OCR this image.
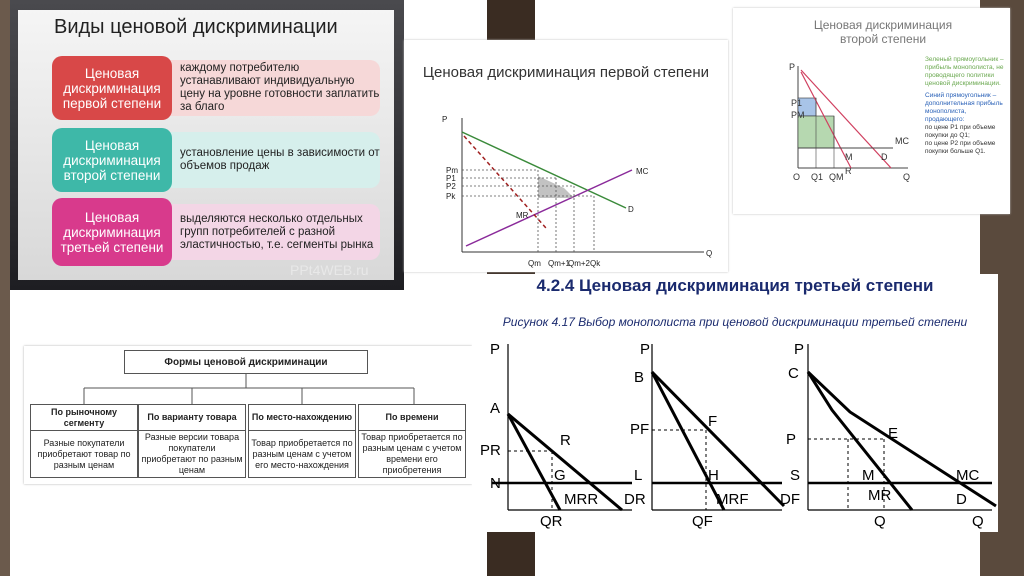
Виды ценовой дискриминации
каждому потребителю устанавливают индивидуальную цену на уровне готовности заплатить за благо
Ценовая дискриминация первой степени
установление цены в зависимости от объемов продаж
Ценовая дискриминация второй степени
выделяются несколько отдельных групп потребителей с разной эластичностью, т.е. сегменты рынка
Ценовая дискриминация третьей степени
PPt4WEB.ru
Ценовая дискриминация первой степени
P
Pm
P1
P2
Pk
MR
MC
D
Q
Qm Qm+1
Qm+2 Qk
Ценовая дискриминация второй степени
P
P1
PM
O Q1 QM
M
R
D
MC
Q
Зеленый прямоугольник – прибыль монополиста, не проводящего политики ценовой дискриминации.
Синий прямоугольник – дополнительная прибыль монополиста, продающего:
по цене Р1 при объеме покупки до Q1;
по цене Р2 при объеме покупки больше Q1.
Формы ценовой дискриминации
По рыночному сегменту
Разные покупатели приобретают товар по разным ценам
По варианту товара
Разные версии товара покупатели приобретают по разным ценам
По место-нахождению
Товар приобретается по разным ценам с учетом его место-нахождения
По времени
Товар приобретается по разным ценам с учетом времени его приобретения
4.2.4 Ценовая дискриминация третьей степени
Рисунок 4.17 Выбор монополиста при ценовой дискриминации третьей степени
P
A
PR
R
N	G
MRR DR
QR
P
B
PF	F
L	H
MRF DF
QF
P
C
P	E
S	M	MC
MR	D
Q	Q
